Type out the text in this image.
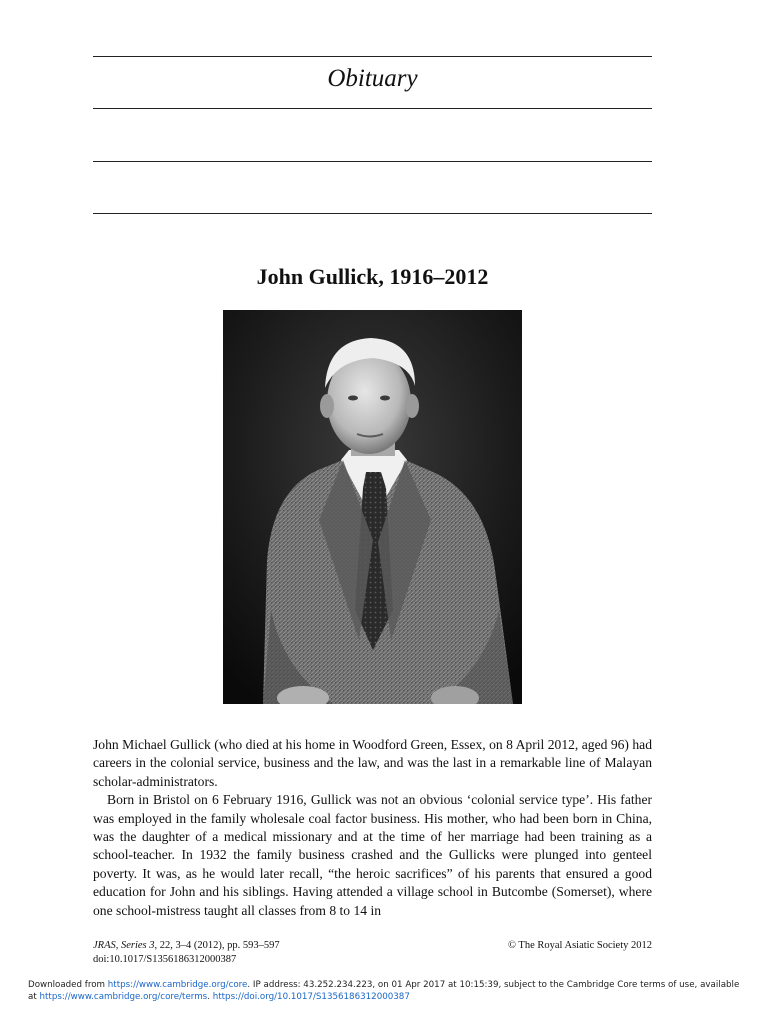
Obituary
John Gullick, 1916–2012

John Michael Gullick (who died at his home in Woodford Green, Essex, on 8 April 2012, aged 96) had careers in the colonial service, business and the law, and was the last in a remarkable line of Malayan scholar-administrators.

Born in Bristol on 6 February 1916, Gullick was not an obvious ‘colonial service type’. His father was employed in the family wholesale coal factor business. His mother, who had been born in China, was the daughter of a medical missionary and at the time of her marriage had been training as a school-teacher. In 1932 the family business crashed and the Gullicks were plunged into genteel poverty. It was, as he would later recall, “the heroic sacrifices” of his parents that ensured a good education for John and his siblings. Having attended a village school in Butcombe (Somerset), where one school-mistress taught all classes from 8 to 14 in

JRAS, Series 3, 22, 3–4 (2012), pp. 593–597
doi:10.1017/S1356186312000387
© The Royal Asiatic Society 2012
Downloaded from https://www.cambridge.org/core. IP address: 43.252.234.223, on 01 Apr 2017 at 10:15:39, subject to the Cambridge Core terms of use, available at https://www.cambridge.org/core/terms. https://doi.org/10.1017/S1356186312000387
